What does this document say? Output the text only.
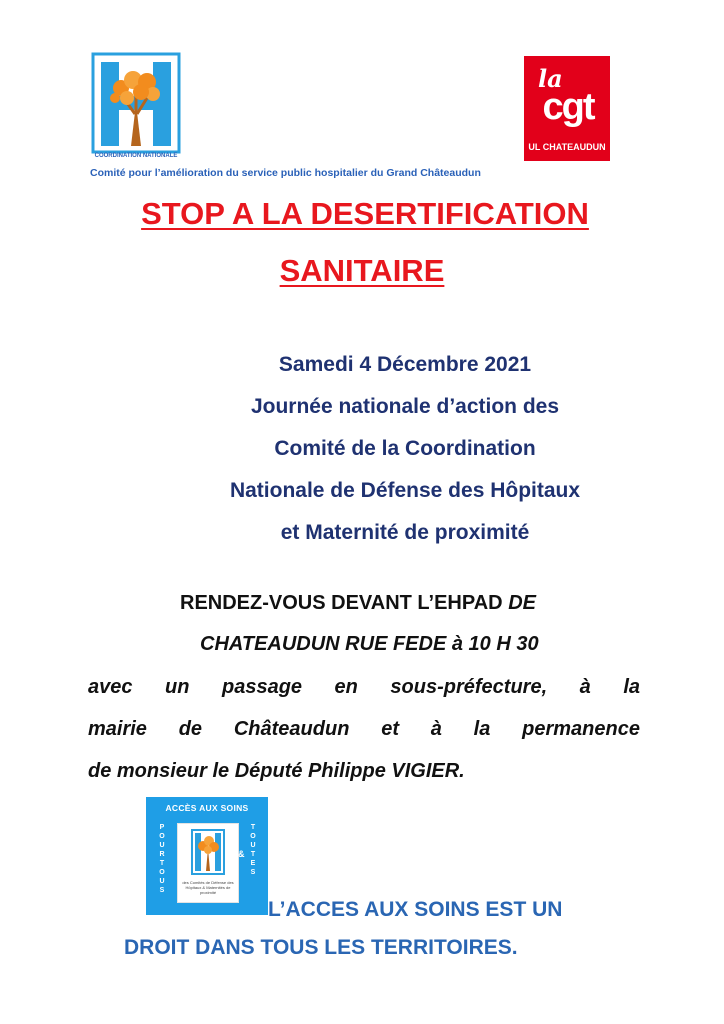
COORDINATION NATIONALE
la
cgt
UL CHATEAUDUN
Comité pour l’amélioration du service public hospitalier du Grand Châteaudun
STOP A LA DESERTIFICATION
SANITAIRE
Samedi 4 Décembre 2021
Journée nationale d’action des
Comité de la Coordination
Nationale de Défense des Hôpitaux
et Maternité de proximité
RENDEZ-VOUS DEVANT L’EHPAD DE
CHATEAUDUN RUE FEDE à 10 H 30
avec un passage en sous-préfecture, à la
mairie de Châteaudun et à la permanence
de monsieur le Député Philippe VIGIER.
ACCÈS AUX SOINS
POUR TOUS
TOUTES
des Comités de Défense des Hôpitaux & Maternités de proximité
&
L’ACCES AUX SOINS EST UN
DROIT DANS TOUS LES TERRITOIRES.
